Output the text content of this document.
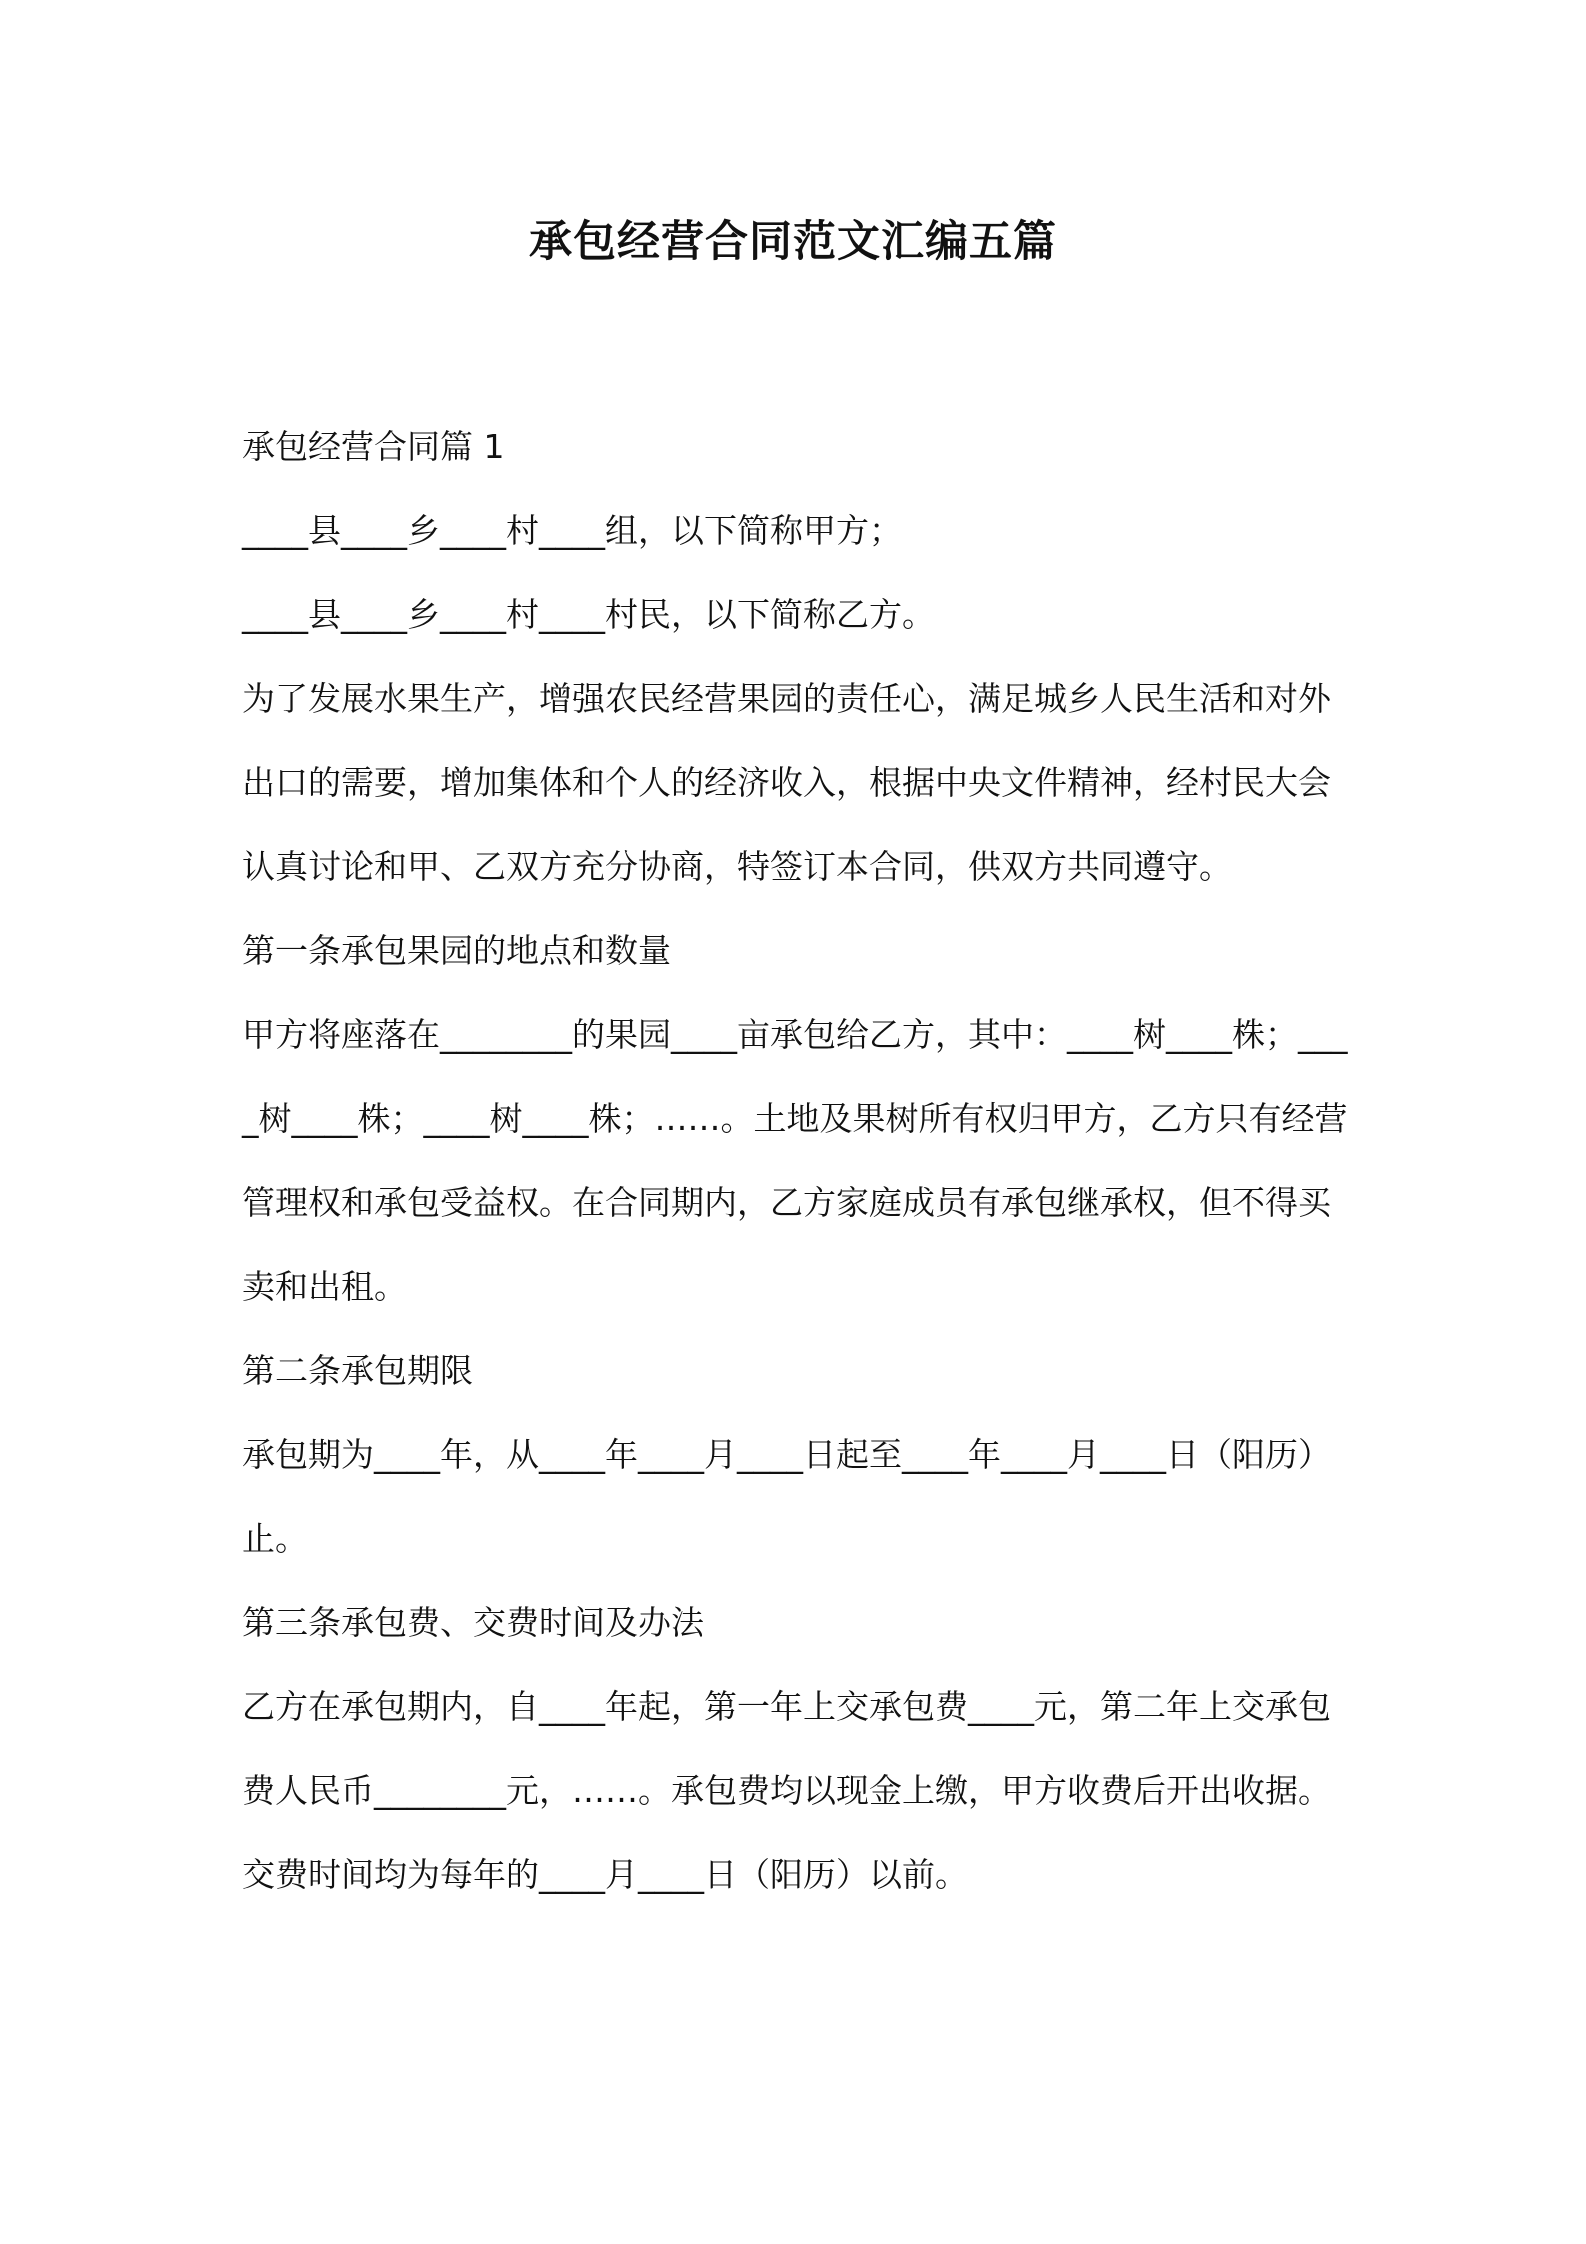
承包经营合同范文汇编五篇

承包经营合同篇 1

____县____乡____村____组，以下简称甲方；

____县____乡____村____村民，以下简称乙方。

为了发展水果生产，增强农民经营果园的责任心，满足城乡人民生活和对外出口的需要，增加集体和个人的经济收入，根据中央文件精神，经村民大会认真讨论和甲、乙双方充分协商，特签订本合同，供双方共同遵守。

第一条承包果园的地点和数量

甲方将座落在________的果园____亩承包给乙方，其中：____树____株；____树____株；____树____株；……。土地及果树所有权归甲方，乙方只有经营管理权和承包受益权。在合同期内，乙方家庭成员有承包继承权，但不得买卖和出租。

第二条承包期限

承包期为____年，从____年____月____日起至____年____月____日（阳历）止。

第三条承包费、交费时间及办法

乙方在承包期内，自____年起，第一年上交承包费____元，第二年上交承包费人民币________元，……。承包费均以现金上缴，甲方收费后开出收据。交费时间均为每年的____月____日（阳历）以前。
